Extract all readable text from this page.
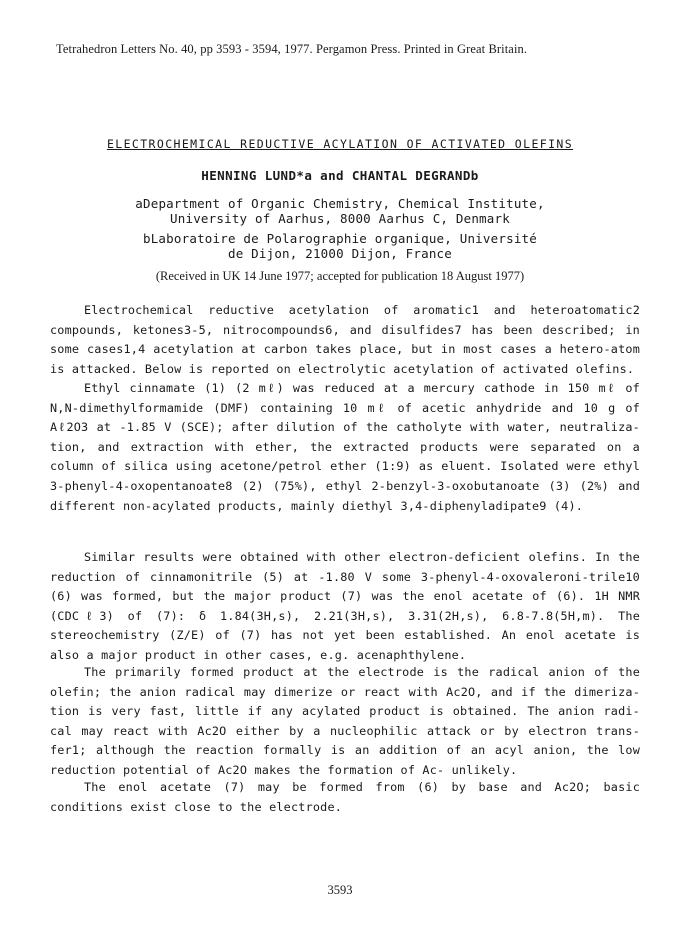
Tetrahedron Letters No. 40, pp 3593 - 3594, 1977. Pergamon Press. Printed in Great Britain.
ELECTROCHEMICAL REDUCTIVE ACYLATION OF ACTIVATED OLEFINS
HENNING LUND*a and CHANTAL DEGRANDb
aDepartment of Organic Chemistry, Chemical Institute,
University of Aarhus, 8000 Aarhus C, Denmark
bLaboratoire de Polarographie organique, Université
de Dijon, 21000 Dijon, France
(Received in UK 14 June 1977; accepted for publication 18 August 1977)

Electrochemical reductive acetylation of aromatic1 and heteroatomatic2 compounds, ketones3-5, nitrocompounds6, and disulfides7 has been described; in some cases1,4 acetylation at carbon takes place, but in most cases a hetero-atom is attacked. Below is reported on electrolytic acetylation of activated olefins.

Ethyl cinnamate (1) (2 mℓ) was reduced at a mercury cathode in 150 mℓ of N,N-dimethylformamide (DMF) containing 10 mℓ of acetic anhydride and 10 g of Aℓ2O3 at -1.85 V (SCE); after dilution of the catholyte with water, neutraliza-tion, and extraction with ether, the extracted products were separated on a column of silica using acetone/petrol ether (1:9) as eluent. Isolated were ethyl 3-phenyl-4-oxopentanoate8 (2) (75%), ethyl 2-benzyl-3-oxobutanoate (3) (2%) and different non-acylated products, mainly diethyl 3,4-diphenyladipate9 (4).

Similar results were obtained with other electron-deficient olefins. In the reduction of cinnamonitrile (5) at -1.80 V some 3-phenyl-4-oxovaleroni-trile10 (6) was formed, but the major product (7) was the enol acetate of (6). 1H NMR (CDCℓ3) of (7): δ 1.84(3H,s), 2.21(3H,s), 3.31(2H,s), 6.8-7.8(5H,m). The stereochemistry (Z/E) of (7) has not yet been established. An enol acetate is also a major product in other cases, e.g. acenaphthylene.

The primarily formed product at the electrode is the radical anion of the olefin; the anion radical may dimerize or react with Ac2O, and if the dimeriza-tion is very fast, little if any acylated product is obtained. The anion radi-cal may react with Ac2O either by a nucleophilic attack or by electron trans-fer1; although the reaction formally is an addition of an acyl anion, the low reduction potential of Ac2O makes the formation of Ac- unlikely.

The enol acetate (7) may be formed from (6) by base and Ac2O; basic conditions exist close to the electrode.

3593
